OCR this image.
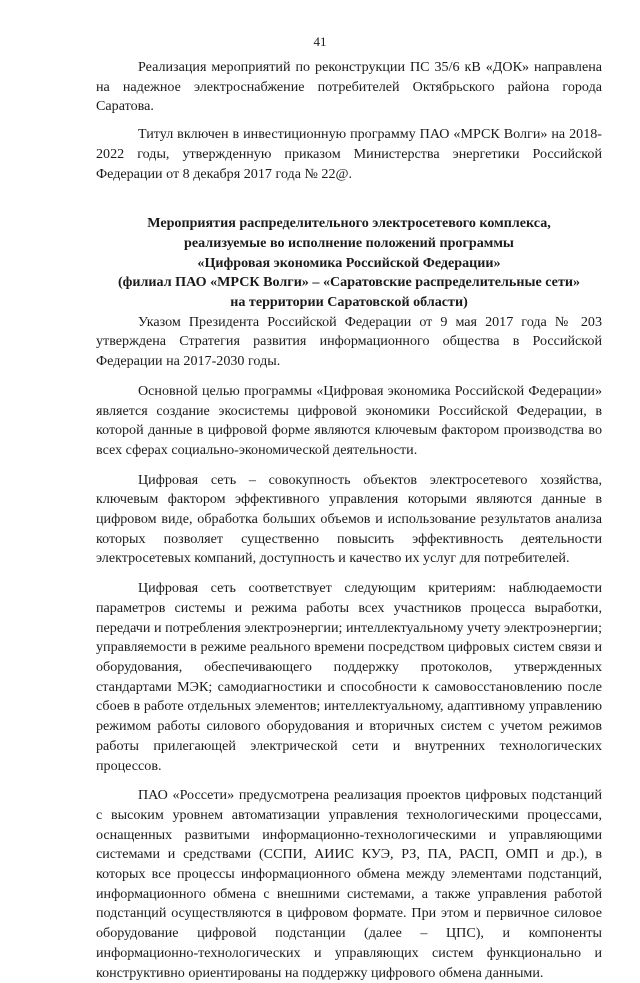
41

Реализация мероприятий по реконструкции ПС 35/6 кВ «ДОК» направлена на надежное электроснабжение потребителей Октябрьского района города Саратова.

Титул включен в инвестиционную программу ПАО «МРСК Волги» на 2018-2022 годы, утвержденную приказом Министерства энергетики Российской Федерации от 8 декабря 2017 года № 22@.

Мероприятия распределительного электросетевого комплекса,
реализуемые во исполнение положений программы
«Цифровая экономика Российской Федерации»
(филиал ПАО «МРСК Волги» – «Саратовские распределительные сети»
на территории Саратовской области)

Указом Президента Российской Федерации от 9 мая 2017 года № 203 утверждена Стратегия развития информационного общества в Российской Федерации на 2017-2030 годы.

Основной целью программы «Цифровая экономика Российской Федерации» является создание экосистемы цифровой экономики Российской Федерации, в которой данные в цифровой форме являются ключевым фактором производства во всех сферах социально-экономической деятельности.

Цифровая сеть – совокупность объектов электросетевого хозяйства, ключевым фактором эффективного управления которыми являются данные в цифровом виде, обработка больших объемов и использование результатов анализа которых позволяет существенно повысить эффективность деятельности электросетевых компаний, доступность и качество их услуг для потребителей.

Цифровая сеть соответствует следующим критериям: наблюдаемости параметров системы и режима работы всех участников процесса выработки, передачи и потребления электроэнергии; интеллектуальному учету электроэнергии; управляемости в режиме реального времени посредством цифровых систем связи и оборудования, обеспечивающего поддержку протоколов, утвержденных стандартами МЭК; самодиагностики и способности к самовосстановлению после сбоев в работе отдельных элементов; интеллектуальному, адаптивному управлению режимом работы силового оборудования и вторичных систем с учетом режимов работы прилегающей электрической сети и внутренних технологических процессов.

ПАО «Россети» предусмотрена реализация проектов цифровых подстанций с высоким уровнем автоматизации управления технологическими процессами, оснащенных развитыми информационно-технологическими и управляющими системами и средствами (ССПИ, АИИС КУЭ, РЗ, ПА, РАСП, ОМП и др.), в которых все процессы информационного обмена между элементами подстанций, информационного обмена с внешними системами, а также управления работой подстанций осуществляются в цифровом формате. При этом и первичное силовое оборудование цифровой подстанции (далее – ЦПС), и компоненты информационно-технологических и управляющих систем функционально и конструктивно ориентированы на поддержку цифрового обмена данными.
